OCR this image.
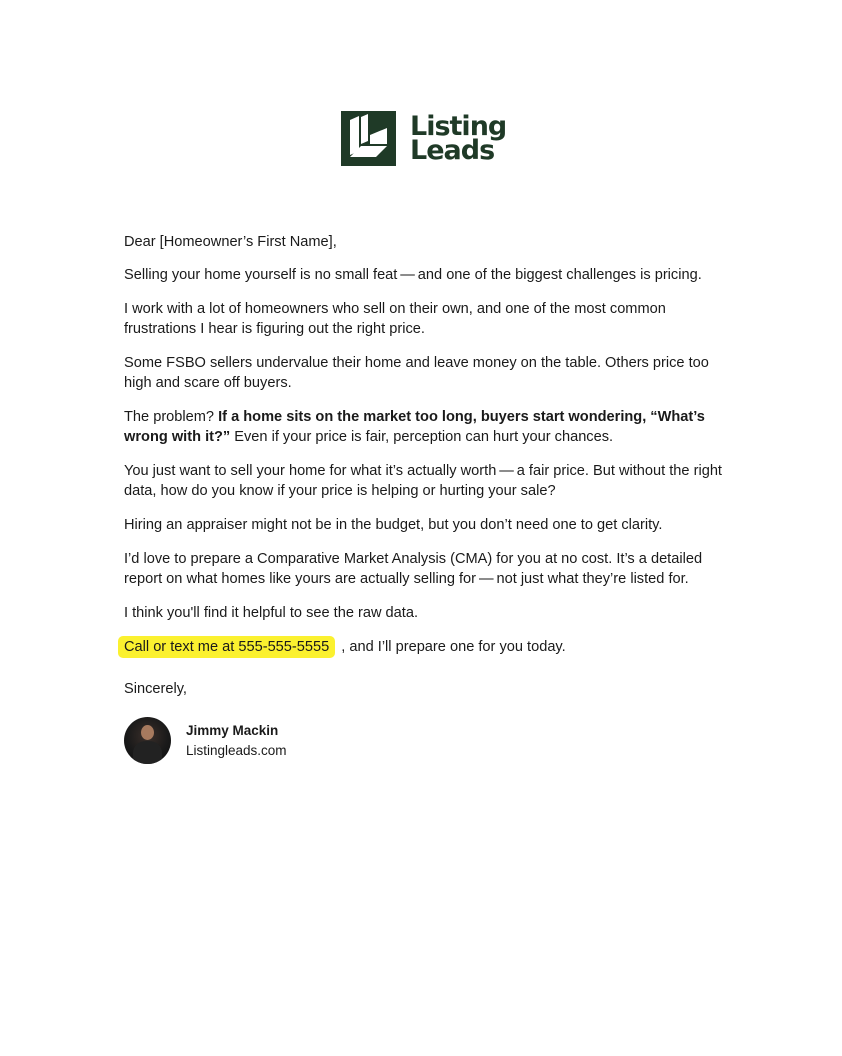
Listing
Leads

Dear [Homeowner’s First Name],

Selling your home yourself is no small feat — and one of the biggest challenges is pricing.

I work with a lot of homeowners who sell on their own, and one of the most common frustrations I hear is figuring out the right price.

Some FSBO sellers undervalue their home and leave money on the table. Others price too high and scare off buyers.

The problem? If a home sits on the market too long, buyers start wondering, “What’s wrong with it?” Even if your price is fair, perception can hurt your chances.

You just want to sell your home for what it’s actually worth — a fair price. But without the right data, how do you know if your price is helping or hurting your sale?

Hiring an appraiser might not be in the budget, but you don’t need one to get clarity.

I’d love to prepare a Comparative Market Analysis (CMA) for you at no cost. It’s a detailed report on what homes like yours are actually selling for — not just what they’re listed for.

I think you'll find it helpful to see the raw data.

Call or text me at 555-555-5555 , and I’ll prepare one for you today.

Sincerely,

Jimmy Mackin
Listingleads.com
